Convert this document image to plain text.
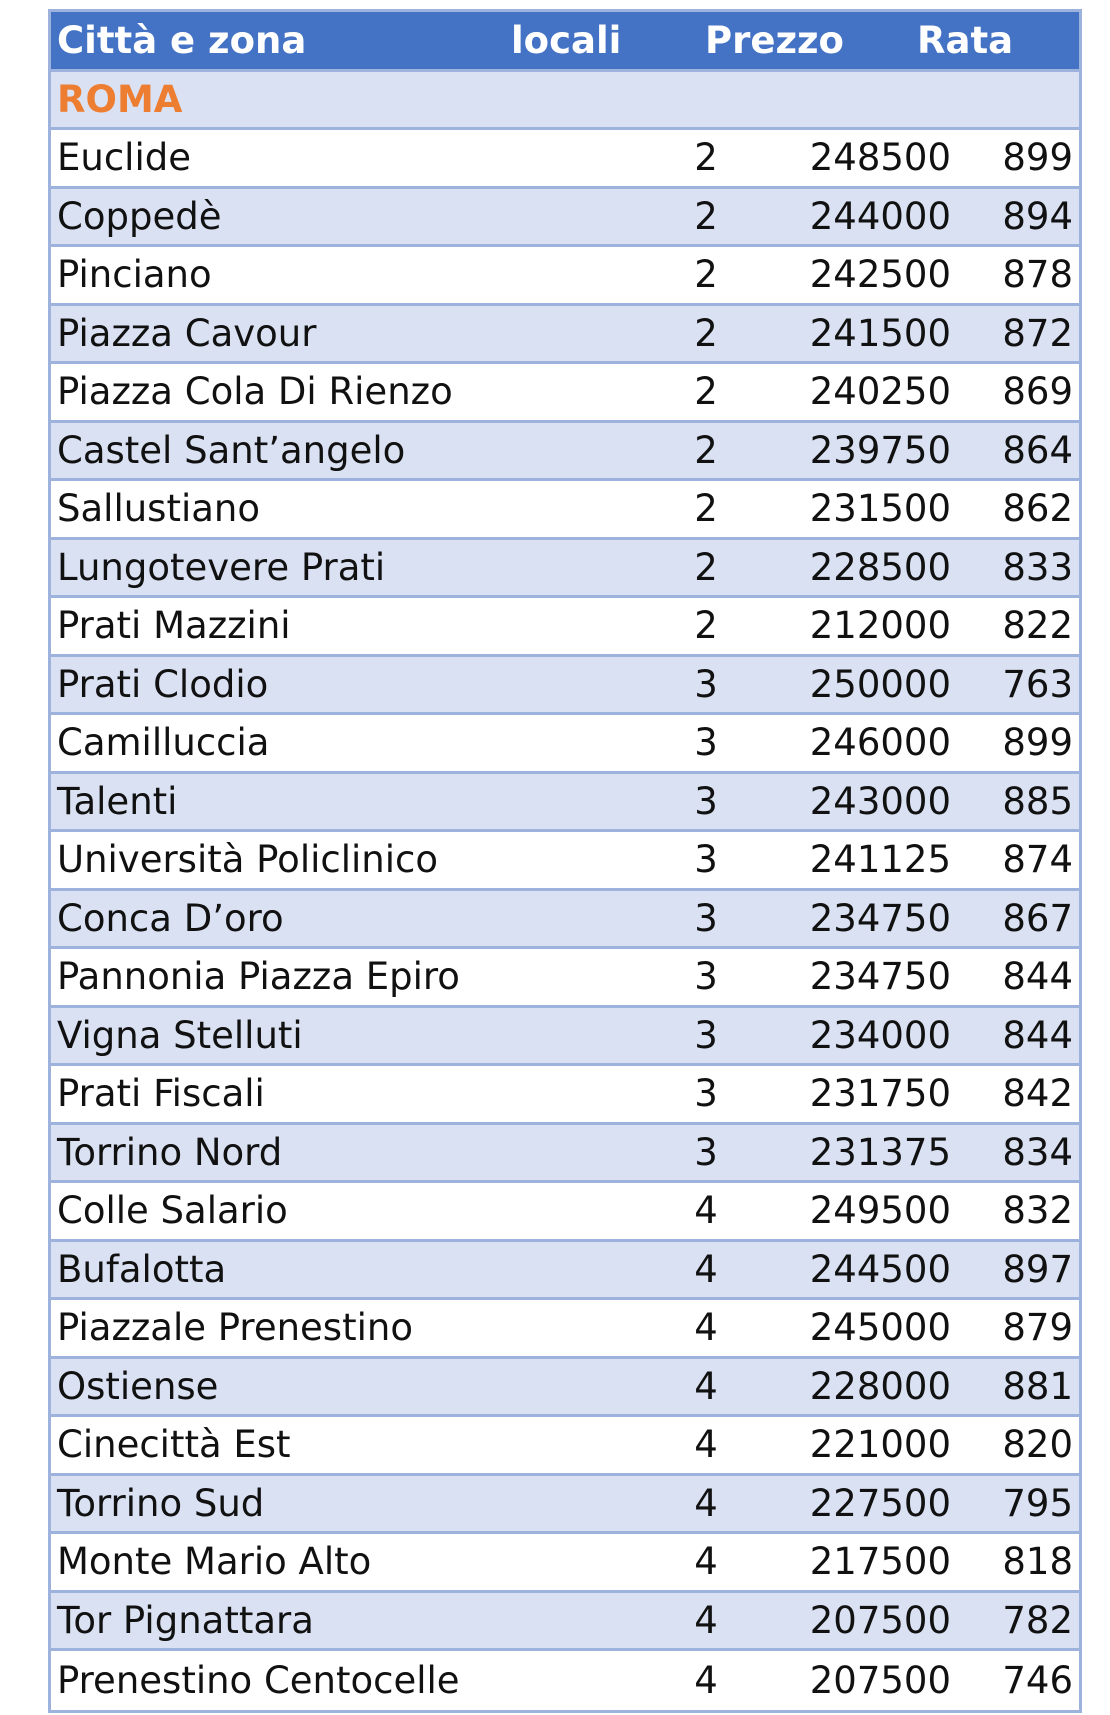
Città e zona	locali	Prezzo	Rata
ROMA
Euclide	2	248500	899
Coppedè	2	244000	894
Pinciano	2	242500	878
Piazza Cavour	2	241500	872
Piazza Cola Di Rienzo	2	240250	869
Castel Sant’angelo	2	239750	864
Sallustiano	2	231500	862
Lungotevere Prati	2	228500	833
Prati Mazzini	2	212000	822
Prati Clodio	3	250000	763
Camilluccia	3	246000	899
Talenti	3	243000	885
Università Policlinico	3	241125	874
Conca D’oro	3	234750	867
Pannonia Piazza Epiro	3	234750	844
Vigna Stelluti	3	234000	844
Prati Fiscali	3	231750	842
Torrino Nord	3	231375	834
Colle Salario	4	249500	832
Bufalotta	4	244500	897
Piazzale Prenestino	4	245000	879
Ostiense	4	228000	881
Cinecittà Est	4	221000	820
Torrino Sud	4	227500	795
Monte Mario Alto	4	217500	818
Tor Pignattara	4	207500	782
Prenestino Centocelle	4	207500	746
